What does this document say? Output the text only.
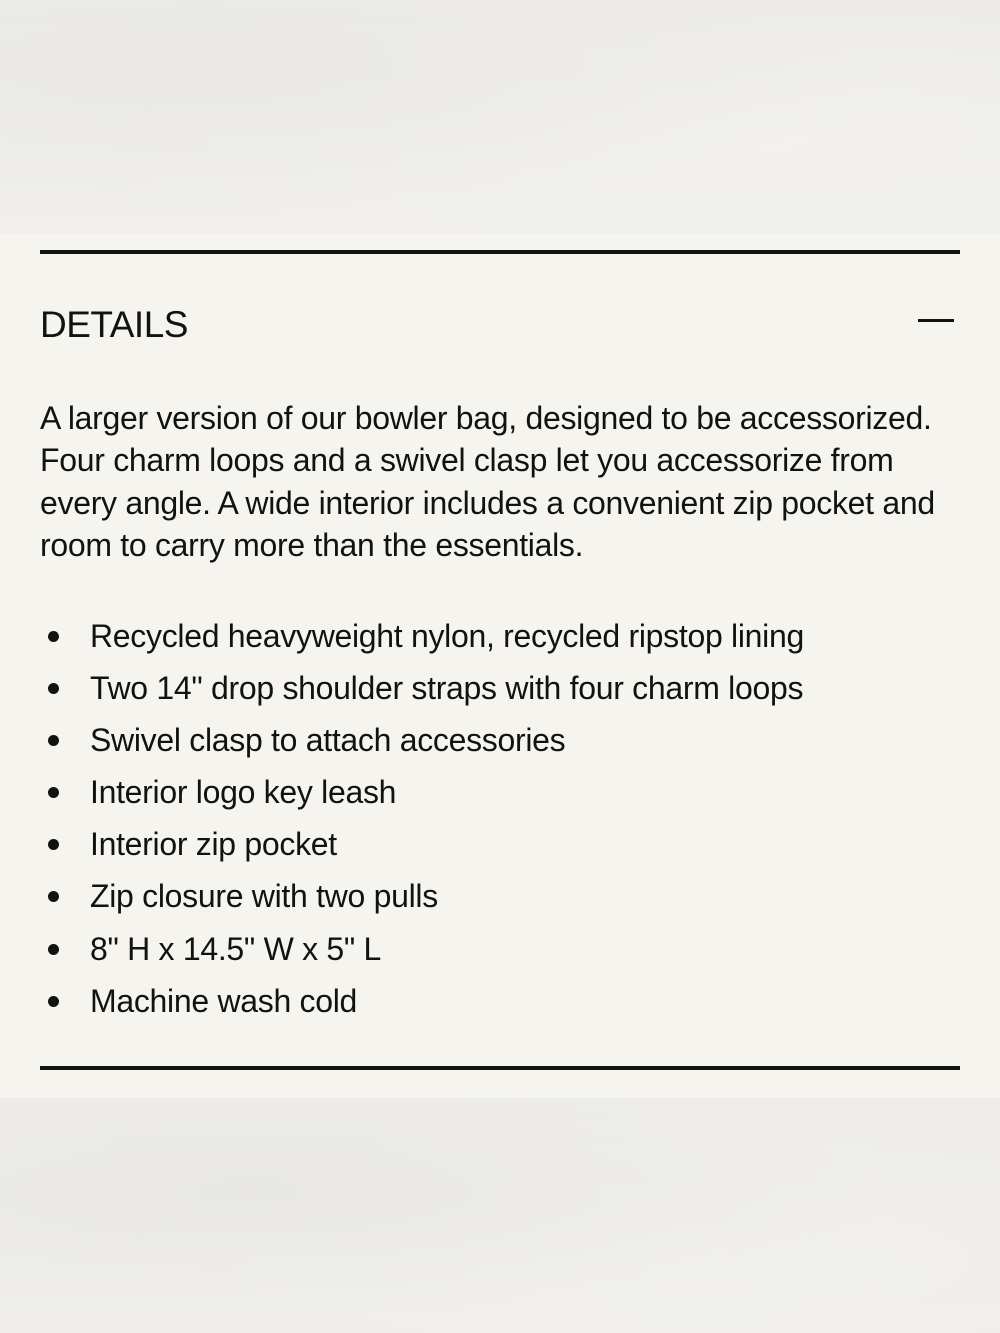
DETAILS

A larger version of our bowler bag, designed to be accessorized. Four charm loops and a swivel clasp let you accessorize from every angle. A wide interior includes a convenient zip pocket and room to carry more than the essentials.

Recycled heavyweight nylon, recycled ripstop lining
Two 14" drop shoulder straps with four charm loops
Swivel clasp to attach accessories
Interior logo key leash
Interior zip pocket
Zip closure with two pulls
8" H x 14.5" W x 5" L
Machine wash cold
